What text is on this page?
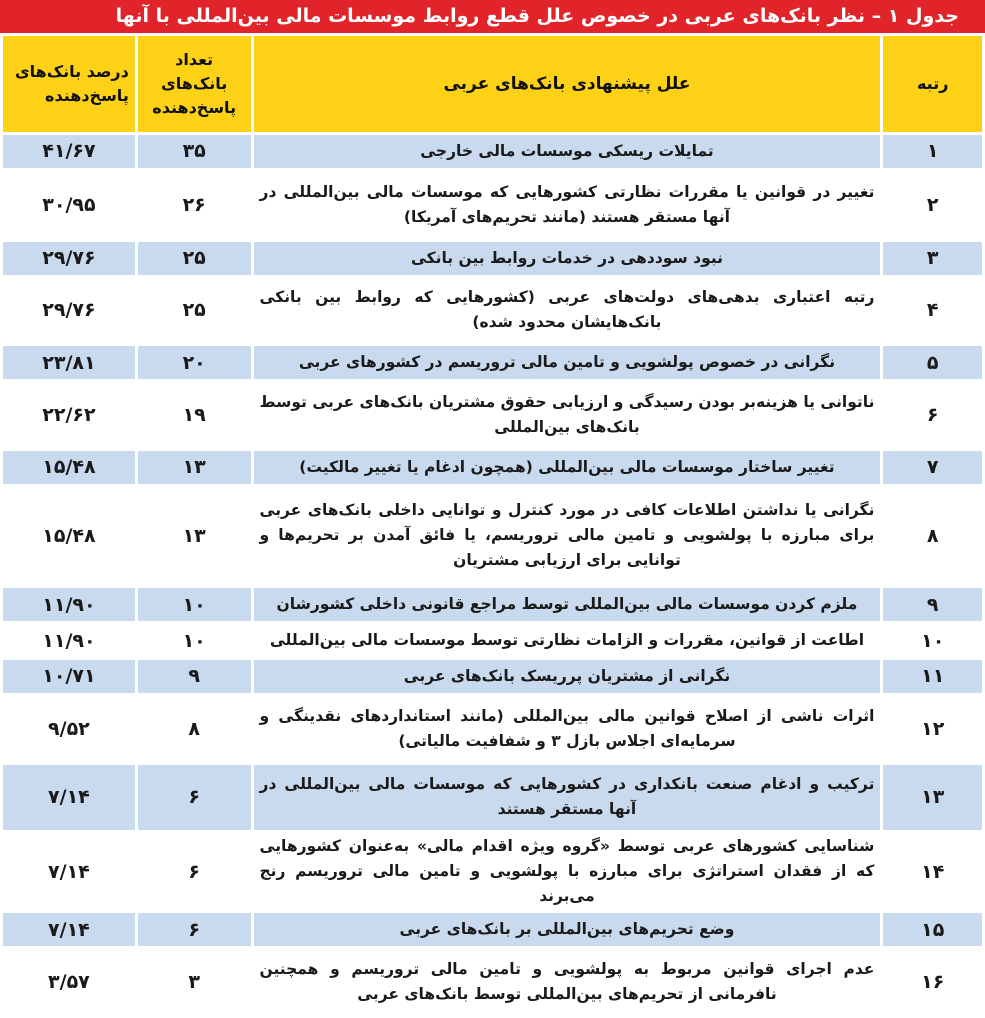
جدول ۱ – نظر بانک‌های عربی در خصوص علل قطع روابط موسسات مالی بین‌المللی با آنها
رتبه	علل پیشنهادی بانک‌های عربی	تعداد بانک‌های پاسخ‌دهنده	درصد بانک‌های پاسخ‌دهنده
۱	تمایلات ریسکی موسسات مالی خارجی	۳۵	۴۱/۶۷
۲	تغییر در قوانین یا مقررات نظارتی کشورهایی که موسسات مالی بین‌المللی در آنها مستقر هستند (مانند تحریم‌های آمریکا)	۲۶	۳۰/۹۵
۳	نبود سوددهی در خدمات روابط بین بانکی	۲۵	۲۹/۷۶
۴	رتبه اعتباری بدهی‌های دولت‌های عربی (کشورهایی که روابط بین بانکی بانک‌هایشان محدود شده)	۲۵	۲۹/۷۶
۵	نگرانی در خصوص پولشویی و تامین مالی تروریسم در کشورهای عربی	۲۰	۲۳/۸۱
۶	ناتوانی یا هزینه‌بر بودن رسیدگی و ارزیابی حقوق مشتریان بانک‌های عربی توسط بانک‌های بین‌المللی	۱۹	۲۲/۶۲
۷	تغییر ساختار موسسات مالی بین‌المللی (همچون ادغام یا تغییر مالکیت)	۱۳	۱۵/۴۸
۸	نگرانی یا نداشتن اطلاعات کافی در مورد کنترل و توانایی داخلی بانک‌های عربی برای مبارزه با پولشویی و تامین مالی تروریسم، یا فائق آمدن بر تحریم‌ها و توانایی برای ارزیابی مشتریان	۱۳	۱۵/۴۸
۹	ملزم کردن موسسات مالی بین‌المللی توسط مراجع قانونی داخلی کشورشان	۱۰	۱۱/۹۰
۱۰	اطاعت از قوانین، مقررات و الزامات نظارتی توسط موسسات مالی بین‌المللی	۱۰	۱۱/۹۰
۱۱	نگرانی از مشتریان پرریسک بانک‌های عربی	۹	۱۰/۷۱
۱۲	اثرات ناشی از اصلاح قوانین مالی بین‌المللی (مانند استانداردهای نقدینگی و سرمایه‌ای اجلاس بازل ۳ و شفافیت مالیاتی)	۸	۹/۵۲
۱۳	ترکیب و ادغام صنعت بانکداری در کشورهایی که موسسات مالی بین‌المللی در آنها مستقر هستند	۶	۷/۱۴
۱۴	شناسایی کشورهای عربی توسط «گروه ویژه اقدام مالی» به‌عنوان کشورهایی که از فقدان استراتژی برای مبارزه با پولشویی و تامین مالی تروریسم رنج می‌برند	۶	۷/۱۴
۱۵	وضع تحریم‌های بین‌المللی بر بانک‌های عربی	۶	۷/۱۴
۱۶	عدم اجرای قوانین مربوط به پولشویی و تامین مالی تروریسم و همچنین نافرمانی از تحریم‌های بین‌المللی توسط بانک‌های عربی	۳	۳/۵۷
